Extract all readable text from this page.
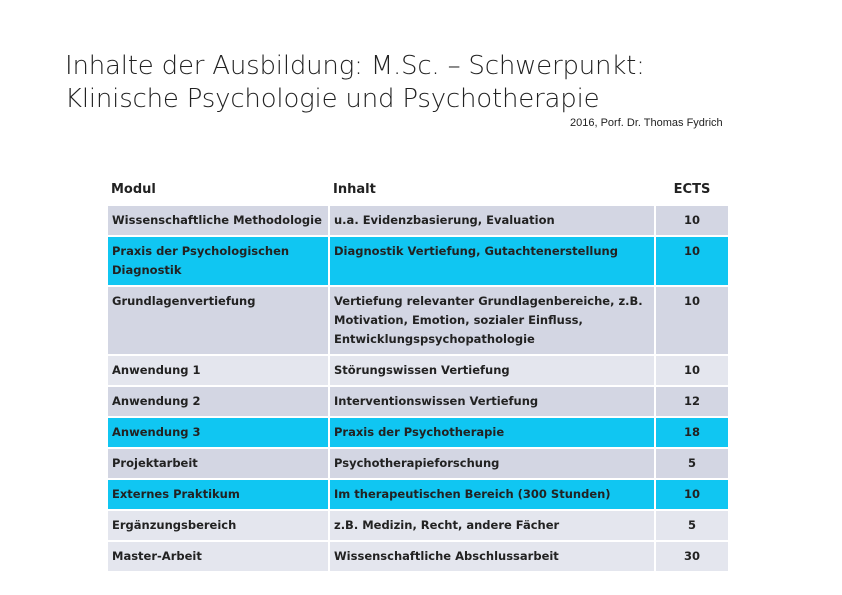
Inhalte der Ausbildung: M.Sc. – Schwerpunkt:
Klinische Psychologie und Psychotherapie
2016, Porf. Dr. Thomas Fydrich
Modul	Inhalt	ECTS
Wissenschaftliche Methodologie	u.a. Evidenzbasierung, Evaluation	10
Praxis der Psychologischen Diagnostik	Diagnostik Vertiefung, Gutachtenerstellung	10
Grundlagenvertiefung	Vertiefung relevanter Grundlagenbereiche, z.B. Motivation, Emotion, sozialer Einfluss, Entwicklungspsychopathologie	10
Anwendung 1	Störungswissen Vertiefung	10
Anwendung 2	Interventionswissen Vertiefung	12
Anwendung 3	Praxis der Psychotherapie	18
Projektarbeit	Psychotherapieforschung	5
Externes Praktikum	Im therapeutischen Bereich (300 Stunden)	10
Ergänzungsbereich	z.B. Medizin, Recht, andere Fächer	5
Master-Arbeit	Wissenschaftliche Abschlussarbeit	30
